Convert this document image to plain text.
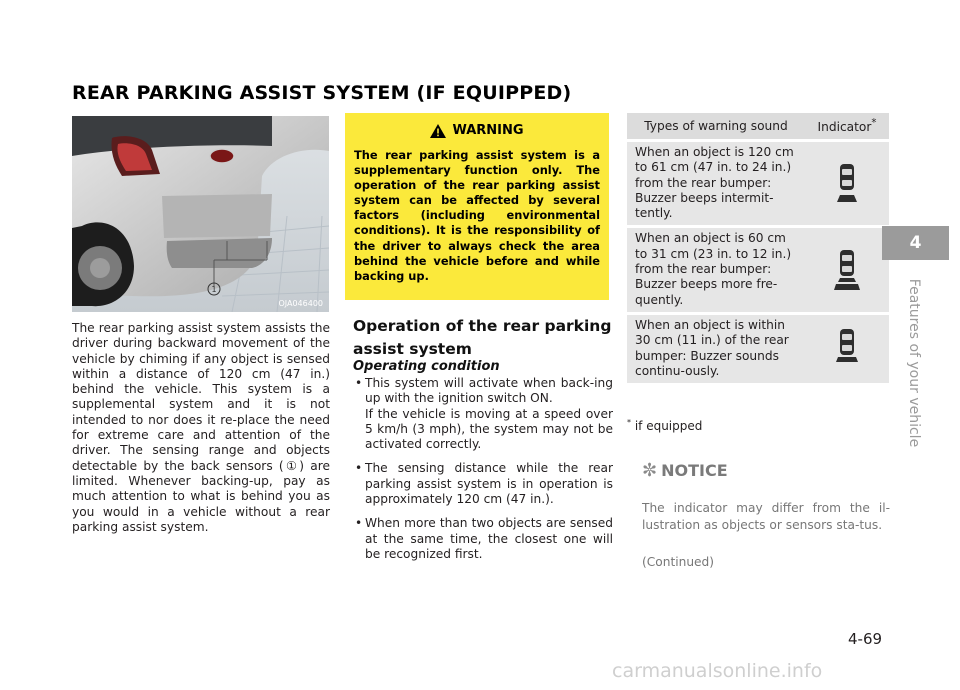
REAR PARKING ASSIST SYSTEM (IF EQUIPPED)
1
OJA046400
The rear parking assist system assists the driver during backward movement of the vehicle by chiming if any object is sensed within a distance of 120 cm (47 in.) behind the vehicle. This system is a supplemental system and it is not intended to nor does it re-place the need for extreme care and attention of the driver. The sensing range and objects detectable by the back sensors (①) are limited. Whenever backing-up, pay as much attention to what is behind you as you would in a vehicle without a rear parking assist system.
WARNING
The rear parking assist system is a supplementary function only. The operation of the rear parking assist system can be affected by several factors (including environmental conditions). It is the responsibility of the driver to always check the area behind the vehicle before and while backing up.
Operation of the rear parking assist system
Operating condition
• This system will activate when back-ing up with the ignition switch ON.
If the vehicle is moving at a speed over 5 km/h (3 mph), the system may not be activated correctly.
• The sensing distance while the rear parking assist system is in operation is approximately 120 cm (47 in.).
• When more than two objects are sensed at the same time, the closest one will be recognized first.
Types of warning sound	Indicator*
When an object is 120 cm to 61 cm (47 in. to 24 in.) from the rear bumper: Buzzer beeps intermit-tently.
When an object is 60 cm to 31 cm (23 in. to 12 in.) from the rear bumper: Buzzer beeps more fre-quently.
When an object is within 30 cm (11 in.) of the rear bumper: Buzzer sounds continu-ously.
* if equipped
✼ NOTICE
The indicator may differ from the il-lustration as objects or sensors sta-tus.
(Continued)
4-69
4
Features of your vehicle
carmanualsonline.info
